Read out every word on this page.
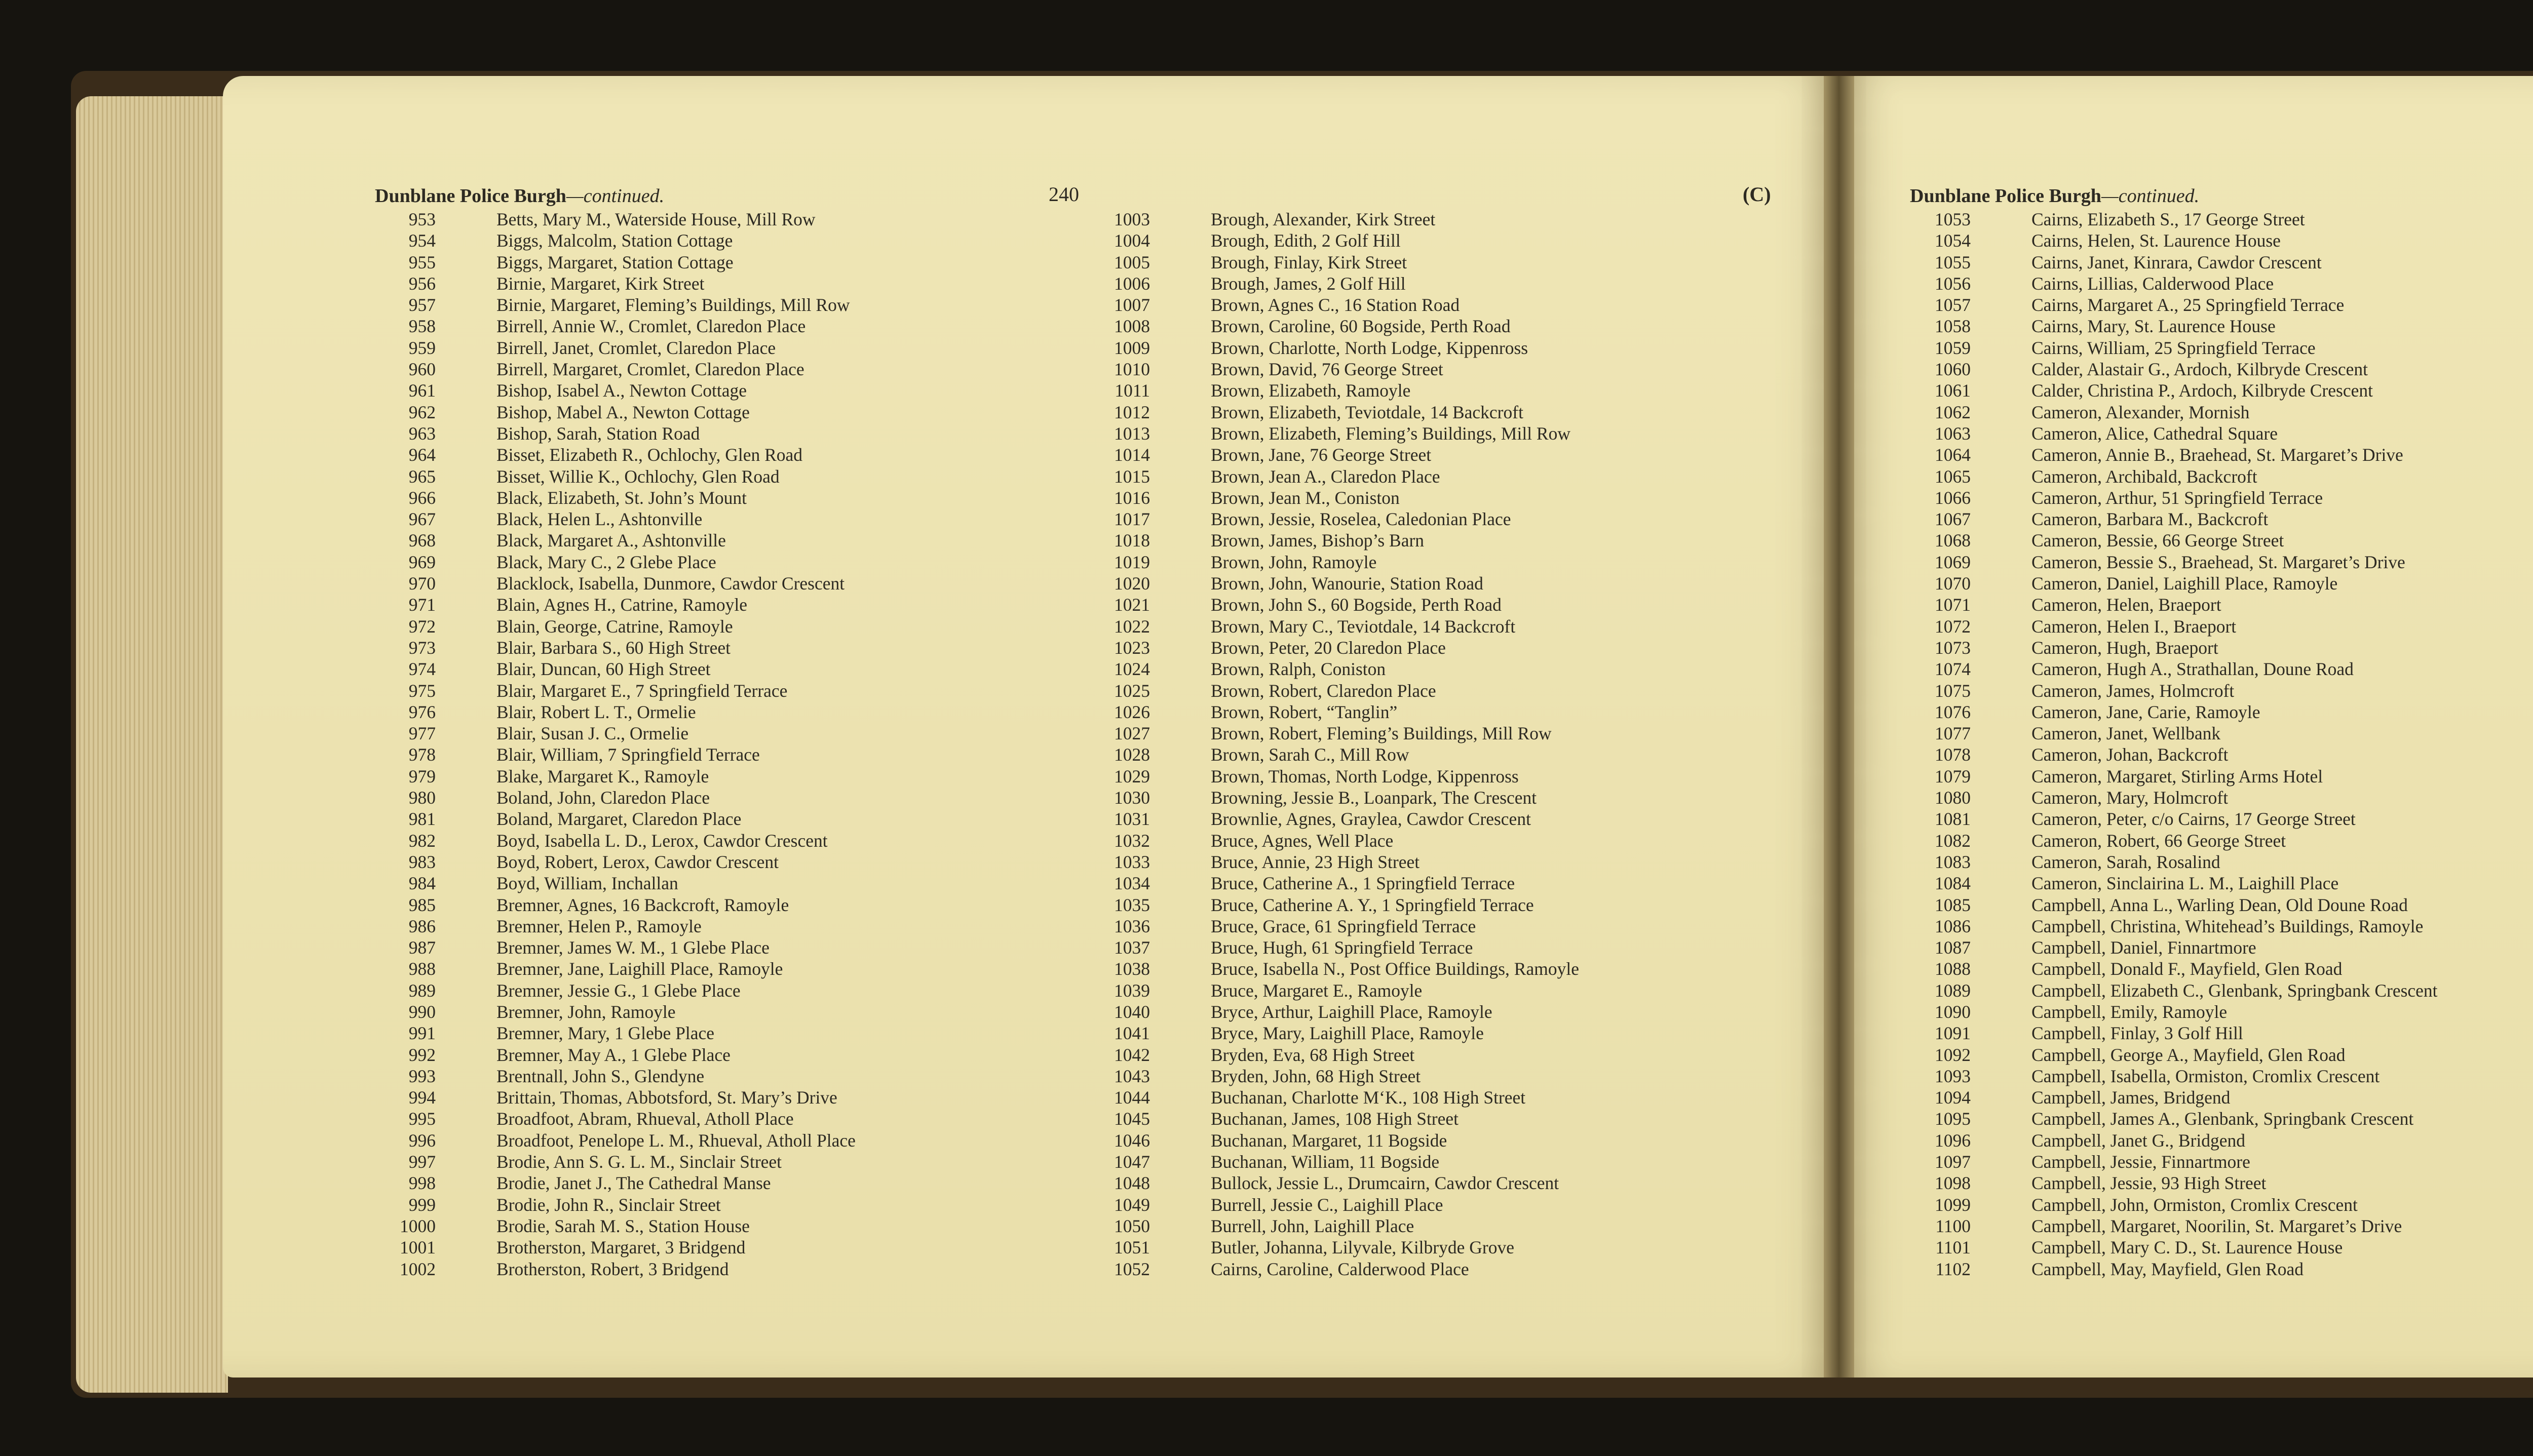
Dunblane Police Burgh—continued.	240	(C)
953	Betts, Mary M., Waterside House, Mill Row
954	Biggs, Malcolm, Station Cottage
955	Biggs, Margaret, Station Cottage
956	Birnie, Margaret, Kirk Street
957	Birnie, Margaret, Fleming’s Buildings, Mill Row
958	Birrell, Annie W., Cromlet, Claredon Place
959	Birrell, Janet, Cromlet, Claredon Place
960	Birrell, Margaret, Cromlet, Claredon Place
961	Bishop, Isabel A., Newton Cottage
962	Bishop, Mabel A., Newton Cottage
963	Bishop, Sarah, Station Road
964	Bisset, Elizabeth R., Ochlochy, Glen Road
965	Bisset, Willie K., Ochlochy, Glen Road
966	Black, Elizabeth, St. John’s Mount
967	Black, Helen L., Ashtonville
968	Black, Margaret A., Ashtonville
969	Black, Mary C., 2 Glebe Place
970	Blacklock, Isabella, Dunmore, Cawdor Crescent
971	Blain, Agnes H., Catrine, Ramoyle
972	Blain, George, Catrine, Ramoyle
973	Blair, Barbara S., 60 High Street
974	Blair, Duncan, 60 High Street
975	Blair, Margaret E., 7 Springfield Terrace
976	Blair, Robert L. T., Ormelie
977	Blair, Susan J. C., Ormelie
978	Blair, William, 7 Springfield Terrace
979	Blake, Margaret K., Ramoyle
980	Boland, John, Claredon Place
981	Boland, Margaret, Claredon Place
982	Boyd, Isabella L. D., Lerox, Cawdor Crescent
983	Boyd, Robert, Lerox, Cawdor Crescent
984	Boyd, William, Inchallan
985	Bremner, Agnes, 16 Backcroft, Ramoyle
986	Bremner, Helen P., Ramoyle
987	Bremner, James W. M., 1 Glebe Place
988	Bremner, Jane, Laighill Place, Ramoyle
989	Bremner, Jessie G., 1 Glebe Place
990	Bremner, John, Ramoyle
991	Bremner, Mary, 1 Glebe Place
992	Bremner, May A., 1 Glebe Place
993	Brentnall, John S., Glendyne
994	Brittain, Thomas, Abbotsford, St. Mary’s Drive
995	Broadfoot, Abram, Rhueval, Atholl Place
996	Broadfoot, Penelope L. M., Rhueval, Atholl Place
997	Brodie, Ann S. G. L. M., Sinclair Street
998	Brodie, Janet J., The Cathedral Manse
999	Brodie, John R., Sinclair Street
1000	Brodie, Sarah M. S., Station House
1001	Brotherston, Margaret, 3 Bridgend
1002	Brotherston, Robert, 3 Bridgend
1003	Brough, Alexander, Kirk Street
1004	Brough, Edith, 2 Golf Hill
1005	Brough, Finlay, Kirk Street
1006	Brough, James, 2 Golf Hill
1007	Brown, Agnes C., 16 Station Road
1008	Brown, Caroline, 60 Bogside, Perth Road
1009	Brown, Charlotte, North Lodge, Kippenross
1010	Brown, David, 76 George Street
1011	Brown, Elizabeth, Ramoyle
1012	Brown, Elizabeth, Teviotdale, 14 Backcroft
1013	Brown, Elizabeth, Fleming’s Buildings, Mill Row
1014	Brown, Jane, 76 George Street
1015	Brown, Jean A., Claredon Place
1016	Brown, Jean M., Coniston
1017	Brown, Jessie, Roselea, Caledonian Place
1018	Brown, James, Bishop’s Barn
1019	Brown, John, Ramoyle
1020	Brown, John, Wanourie, Station Road
1021	Brown, John S., 60 Bogside, Perth Road
1022	Brown, Mary C., Teviotdale, 14 Backcroft
1023	Brown, Peter, 20 Claredon Place
1024	Brown, Ralph, Coniston
1025	Brown, Robert, Claredon Place
1026	Brown, Robert, “Tanglin”
1027	Brown, Robert, Fleming’s Buildings, Mill Row
1028	Brown, Sarah C., Mill Row
1029	Brown, Thomas, North Lodge, Kippenross
1030	Browning, Jessie B., Loanpark, The Crescent
1031	Brownlie, Agnes, Graylea, Cawdor Crescent
1032	Bruce, Agnes, Well Place
1033	Bruce, Annie, 23 High Street
1034	Bruce, Catherine A., 1 Springfield Terrace
1035	Bruce, Catherine A. Y., 1 Springfield Terrace
1036	Bruce, Grace, 61 Springfield Terrace
1037	Bruce, Hugh, 61 Springfield Terrace
1038	Bruce, Isabella N., Post Office Buildings, Ramoyle
1039	Bruce, Margaret E., Ramoyle
1040	Bryce, Arthur, Laighill Place, Ramoyle
1041	Bryce, Mary, Laighill Place, Ramoyle
1042	Bryden, Eva, 68 High Street
1043	Bryden, John, 68 High Street
1044	Buchanan, Charlotte M‘K., 108 High Street
1045	Buchanan, James, 108 High Street
1046	Buchanan, Margaret, 11 Bogside
1047	Buchanan, William, 11 Bogside
1048	Bullock, Jessie L., Drumcairn, Cawdor Crescent
1049	Burrell, Jessie C., Laighill Place
1050	Burrell, John, Laighill Place
1051	Butler, Johanna, Lilyvale, Kilbryde Grove
1052	Cairns, Caroline, Calderwood Place
Dunblane Police Burgh—continued.
1053	Cairns, Elizabeth S., 17 George Street
1054	Cairns, Helen, St. Laurence House
1055	Cairns, Janet, Kinrara, Cawdor Crescent
1056	Cairns, Lillias, Calderwood Place
1057	Cairns, Margaret A., 25 Springfield Terrace
1058	Cairns, Mary, St. Laurence House
1059	Cairns, William, 25 Springfield Terrace
1060	Calder, Alastair G., Ardoch, Kilbryde Crescent
1061	Calder, Christina P., Ardoch, Kilbryde Crescent
1062	Cameron, Alexander, Mornish
1063	Cameron, Alice, Cathedral Square
1064	Cameron, Annie B., Braehead, St. Margaret’s Drive
1065	Cameron, Archibald, Backcroft
1066	Cameron, Arthur, 51 Springfield Terrace
1067	Cameron, Barbara M., Backcroft
1068	Cameron, Bessie, 66 George Street
1069	Cameron, Bessie S., Braehead, St. Margaret’s Drive
1070	Cameron, Daniel, Laighill Place, Ramoyle
1071	Cameron, Helen, Braeport
1072	Cameron, Helen I., Braeport
1073	Cameron, Hugh, Braeport
1074	Cameron, Hugh A., Strathallan, Doune Road
1075	Cameron, James, Holmcroft
1076	Cameron, Jane, Carie, Ramoyle
1077	Cameron, Janet, Wellbank
1078	Cameron, Johan, Backcroft
1079	Cameron, Margaret, Stirling Arms Hotel
1080	Cameron, Mary, Holmcroft
1081	Cameron, Peter, c/o Cairns, 17 George Street
1082	Cameron, Robert, 66 George Street
1083	Cameron, Sarah, Rosalind
1084	Cameron, Sinclairina L. M., Laighill Place
1085	Campbell, Anna L., Warling Dean, Old Doune Road
1086	Campbell, Christina, Whitehead’s Buildings, Ramoyle
1087	Campbell, Daniel, Finnartmore
1088	Campbell, Donald F., Mayfield, Glen Road
1089	Campbell, Elizabeth C., Glenbank, Springbank Crescent
1090	Campbell, Emily, Ramoyle
1091	Campbell, Finlay, 3 Golf Hill
1092	Campbell, George A., Mayfield, Glen Road
1093	Campbell, Isabella, Ormiston, Cromlix Crescent
1094	Campbell, James, Bridgend
1095	Campbell, James A., Glenbank, Springbank Crescent
1096	Campbell, Janet G., Bridgend
1097	Campbell, Jessie, Finnartmore
1098	Campbell, Jessie, 93 High Street
1099	Campbell, John, Ormiston, Cromlix Crescent
1100	Campbell, Margaret, Noorilin, St. Margaret’s Drive
1101	Campbell, Mary C. D., St. Laurence House
1102	Campbell, May, Mayfield, Glen Road
